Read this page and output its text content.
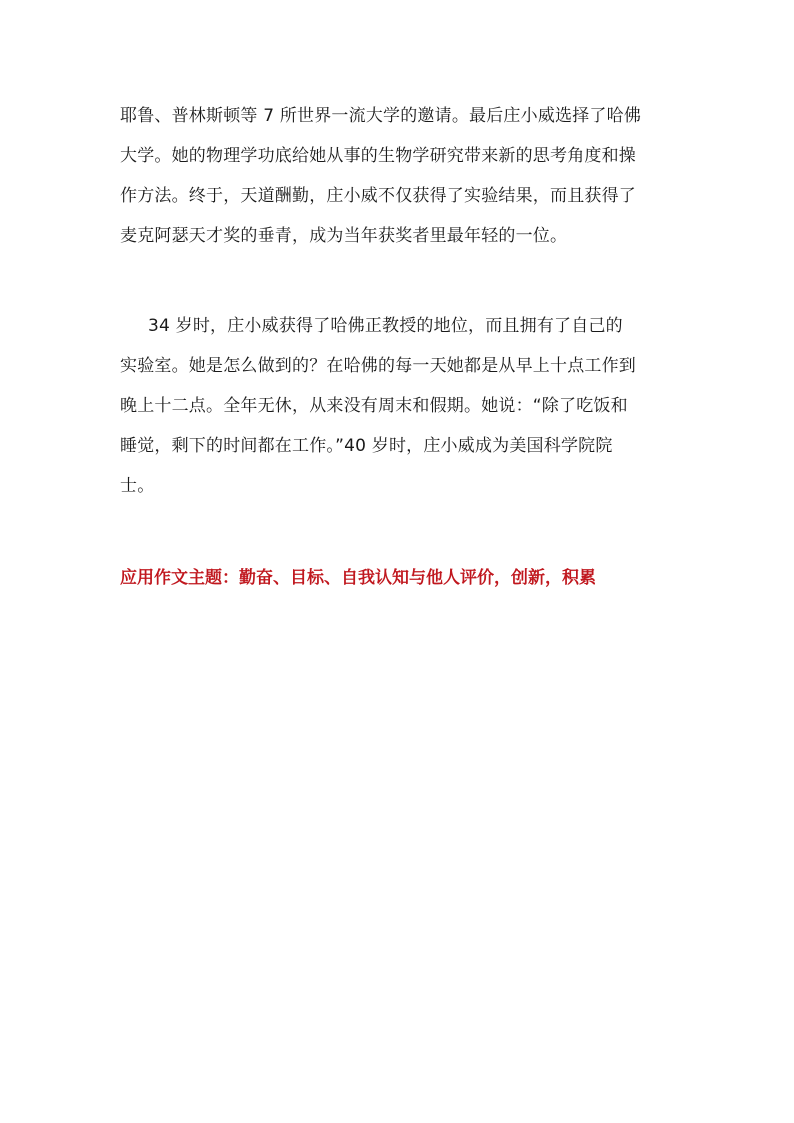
耶鲁、普林斯顿等 7 所世界一流大学的邀请。最后庄小威选择了哈佛
大学。她的物理学功底给她从事的生物学研究带来新的思考角度和操
作方法。终于，天道酬勤，庄小威不仅获得了实验结果，而且获得了
麦克阿瑟天才奖的垂青，成为当年获奖者里最年轻的一位。
34 岁时，庄小威获得了哈佛正教授的地位，而且拥有了自己的
实验室。她是怎么做到的？在哈佛的每一天她都是从早上十点工作到
晚上十二点。全年无休，从来没有周末和假期。她说：“除了吃饭和
睡觉，剩下的时间都在工作。”40 岁时，庄小威成为美国科学院院
士。
应用作文主题：勤奋、目标、自我认知与他人评价，创新，积累
